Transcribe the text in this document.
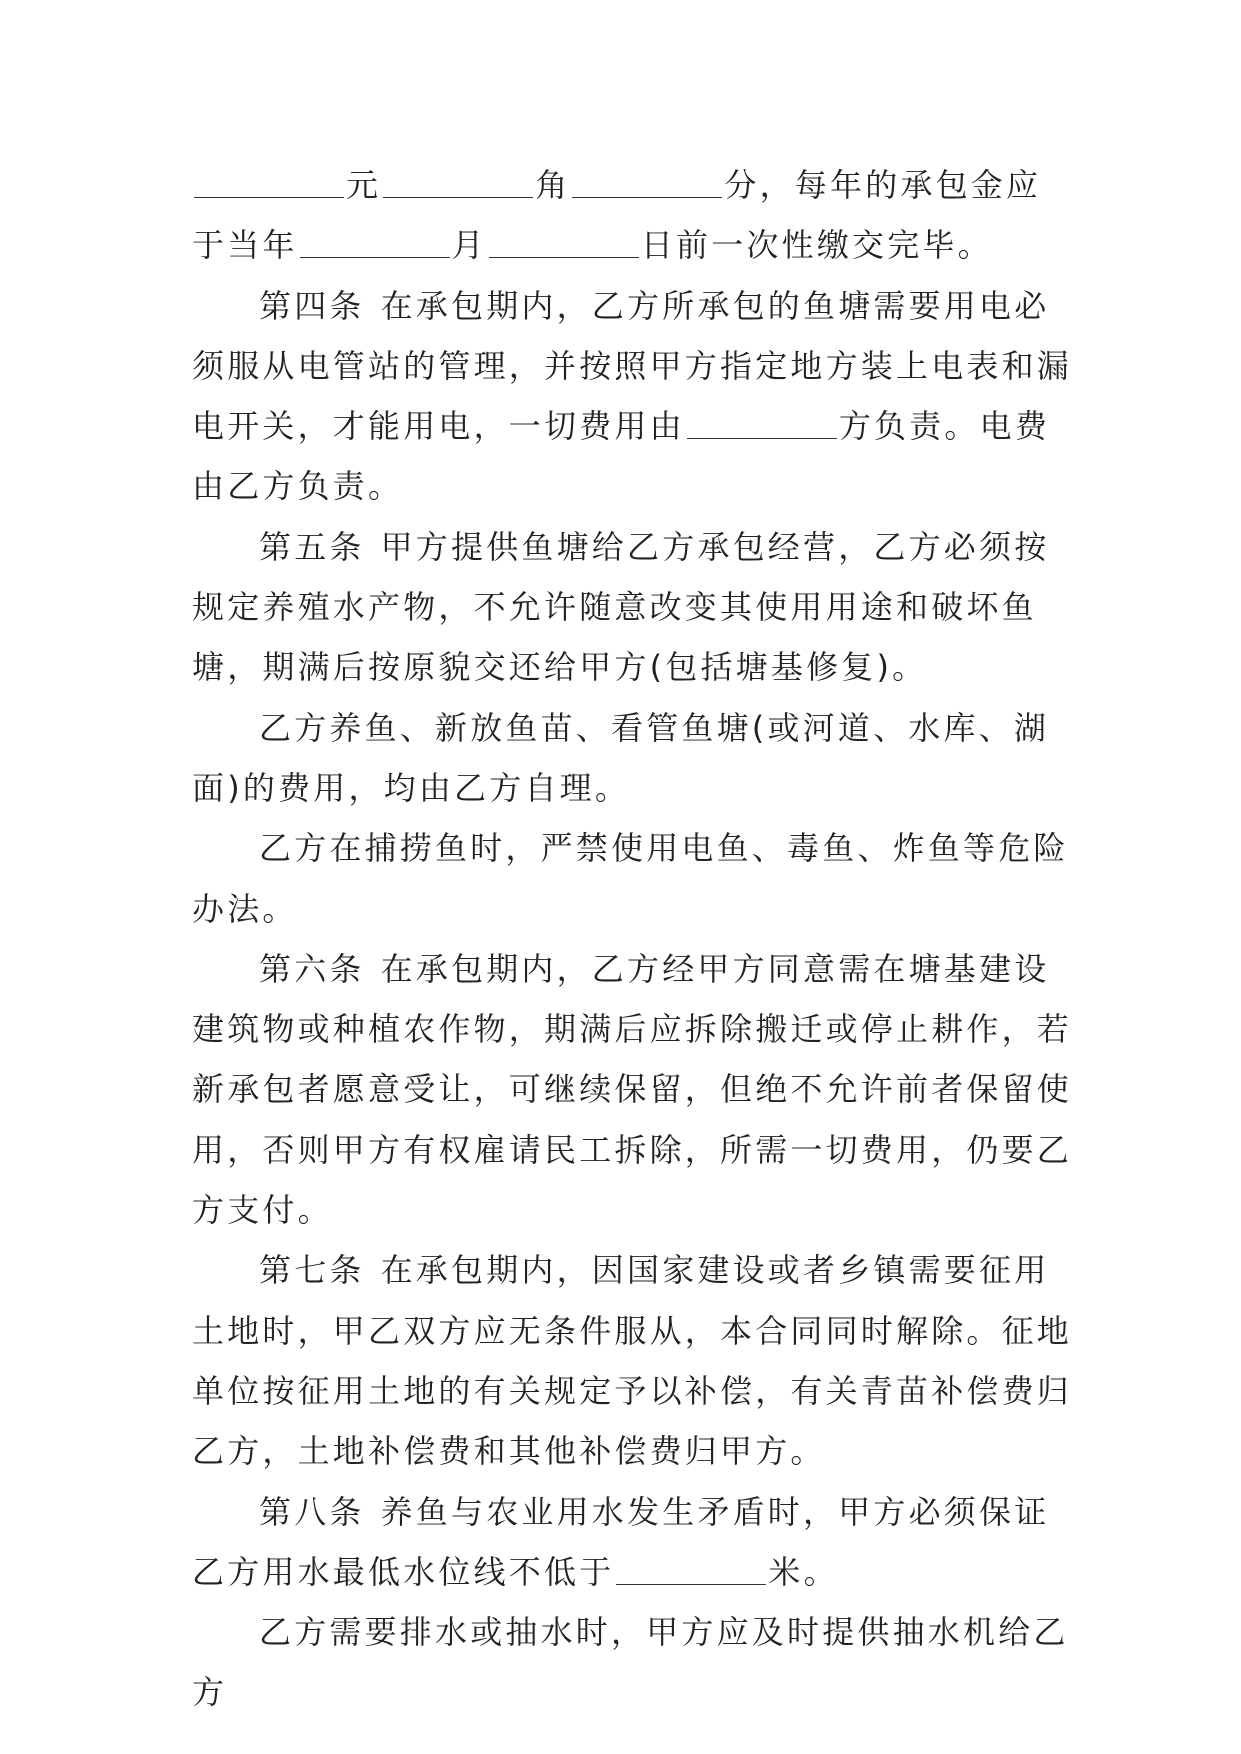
元	角	分，每年的承包金应于当年	月	日前一次性缴交完毕。

第四条 在承包期内，乙方所承包的鱼塘需要用电必须服从电管站的管理，并按照甲方指定地方装上电表和漏电开关，才能用电，一切费用由	方负责。电费由乙方负责。

第五条 甲方提供鱼塘给乙方承包经营，乙方必须按规定养殖水产物，不允许随意改变其使用用途和破坏鱼塘，期满后按原貌交还给甲方(包括塘基修复)。

乙方养鱼、新放鱼苗、看管鱼塘(或河道、水库、湖面)的费用，均由乙方自理。

乙方在捕捞鱼时，严禁使用电鱼、毒鱼、炸鱼等危险办法。

第六条 在承包期内，乙方经甲方同意需在塘基建设建筑物或种植农作物，期满后应拆除搬迁或停止耕作，若新承包者愿意受让，可继续保留，但绝不允许前者保留使用，否则甲方有权雇请民工拆除，所需一切费用，仍要乙方支付。

第七条 在承包期内，因国家建设或者乡镇需要征用土地时，甲乙双方应无条件服从，本合同同时解除。征地单位按征用土地的有关规定予以补偿，有关青苗补偿费归乙方，土地补偿费和其他补偿费归甲方。

第八条 养鱼与农业用水发生矛盾时，甲方必须保证乙方用水最低水位线不低于	米。

乙方需要排水或抽水时，甲方应及时提供抽水机给乙方
